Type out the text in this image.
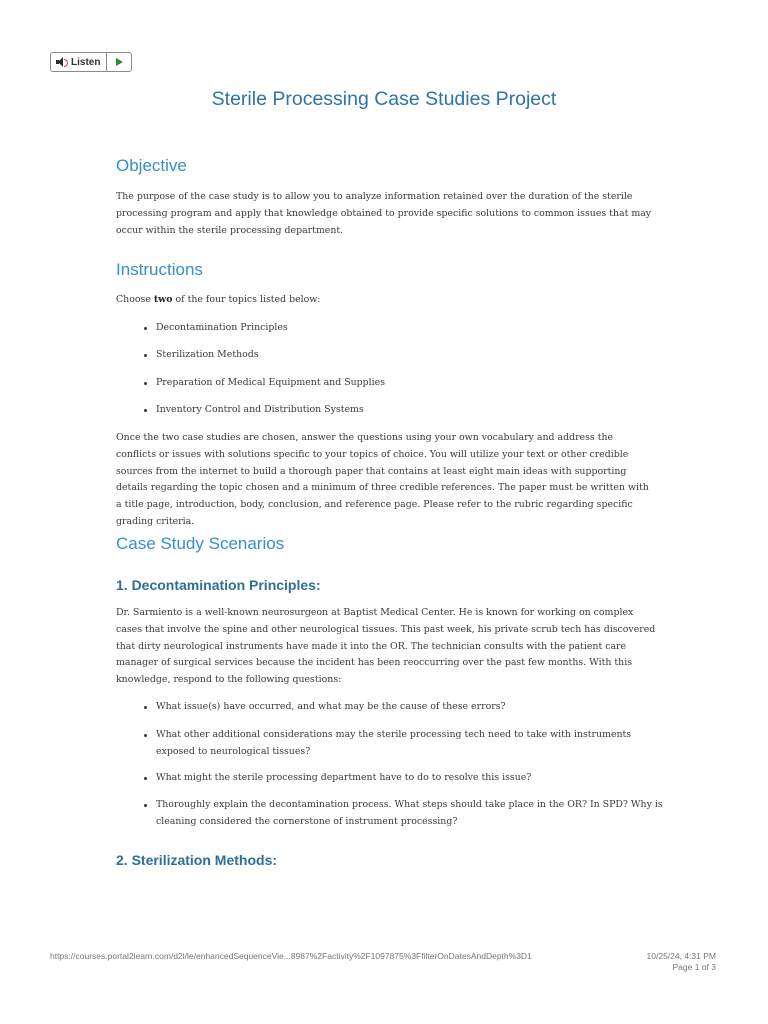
Listen
Sterile Processing Case Studies Project
Objective

The purpose of the case study is to allow you to analyze information retained over the duration of the sterile processing program and apply that knowledge obtained to provide specific solutions to common issues that may occur within the sterile processing department.

Instructions

Choose two of the four topics listed below:

Decontamination Principles

Sterilization Methods

Preparation of Medical Equipment and Supplies

Inventory Control and Distribution Systems

Once the two case studies are chosen, answer the questions using your own vocabulary and address the conflicts or issues with solutions specific to your topics of choice. You will utilize your text or other credible sources from the internet to build a thorough paper that contains at least eight main ideas with supporting details regarding the topic chosen and a minimum of three credible references. The paper must be written with a title page, introduction, body, conclusion, and reference page. Please refer to the rubric regarding specific grading criteria.

Case Study Scenarios
1. Decontamination Principles:

Dr. Sarmiento is a well-known neurosurgeon at Baptist Medical Center. He is known for working on complex cases that involve the spine and other neurological tissues. This past week, his private scrub tech has discovered that dirty neurological instruments have made it into the OR. The technician consults with the patient care manager of surgical services because the incident has been reoccurring over the past few months. With this knowledge, respond to the following questions:

What issue(s) have occurred, and what may be the cause of these errors?

What other additional considerations may the sterile processing tech need to take with instruments exposed to neurological tissues?

What might the sterile processing department have to do to resolve this issue?

Thoroughly explain the decontamination process. What steps should take place in the OR? In SPD? Why is cleaning considered the cornerstone of instrument processing?

2. Sterilization Methods:
https://courses.portal2learn.com/d2l/le/enhancedSequenceVie...8987%2Factivity%2F1097875%3FfilterOnDatesAndDepth%3D1	10/25/24, 4:31 PM
Page 1 of 3
